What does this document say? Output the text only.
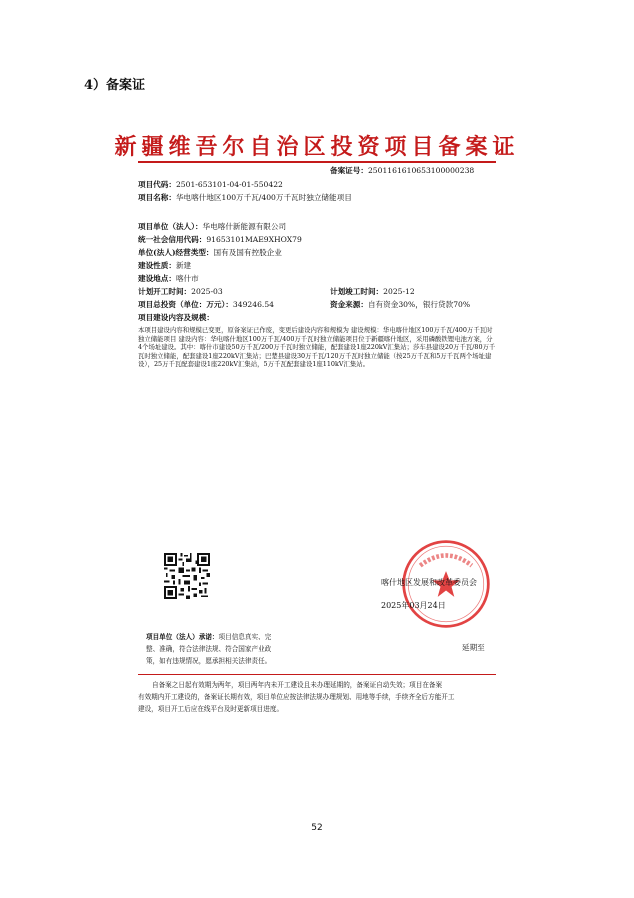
4）备案证
新疆维吾尔自治区投资项目备案证
备案证号：2501161610653100000238
项目代码：2501-653101-04-01-550422
项目名称：华电喀什地区100万千瓦/400万千瓦时独立储能项目
项目单位（法人）：华电喀什新能源有限公司
统一社会信用代码：91653101MAE9XHOX79
单位(法人)经营类型：国有及国有控股企业
建设性质：新建
建设地点：喀什市
计划开工时间：2025-03	计划竣工时间：2025-12
项目总投资（单位：万元）：349246.54	资金来源：自有资金30%，银行贷款70%
项目建设内容及规模：
本项目建设内容和规模已变更，原备案证已作废，变更后建设内容和规模为 建设规模：华电喀什地区100万千瓦/400万千瓦时独立储能项目 建设内容：华电喀什地区100万千瓦/400万千瓦时独立储能项目位于新疆喀什地区，采用磷酸铁锂电池方案，分4个场址建设。其中：喀什市建设50万千瓦/200万千瓦时独立储能，配套建设1座220kV汇集站；莎车县建设20万千瓦/80万千瓦时独立储能，配套建设1座220kV汇集站；巴楚县建设30万千瓦/120万千瓦时独立储能（按25万千瓦和5万千瓦两个场址建设），25万千瓦配套建设1座220kV汇集站，5万千瓦配套建设1座110kV汇集站。
喀什地区发展和改革委员会
2025年03月24日
项目单位（法人）承诺：项目信息真实、完
整、准确，符合法律法规、符合国家产业政
策，如有违规情况，愿承担相关法律责任。
延期至
自备案之日起有效期为两年，项目两年内未开工建设且未办理延期的，备案证自动失效；项目在备案
有效期内开工建设的，备案证长期有效，项目单位应按法律法规办理规划、用地等手续，手续齐全后方能开工
建设，项目开工后应在线平台及时更新项目进度。
52
